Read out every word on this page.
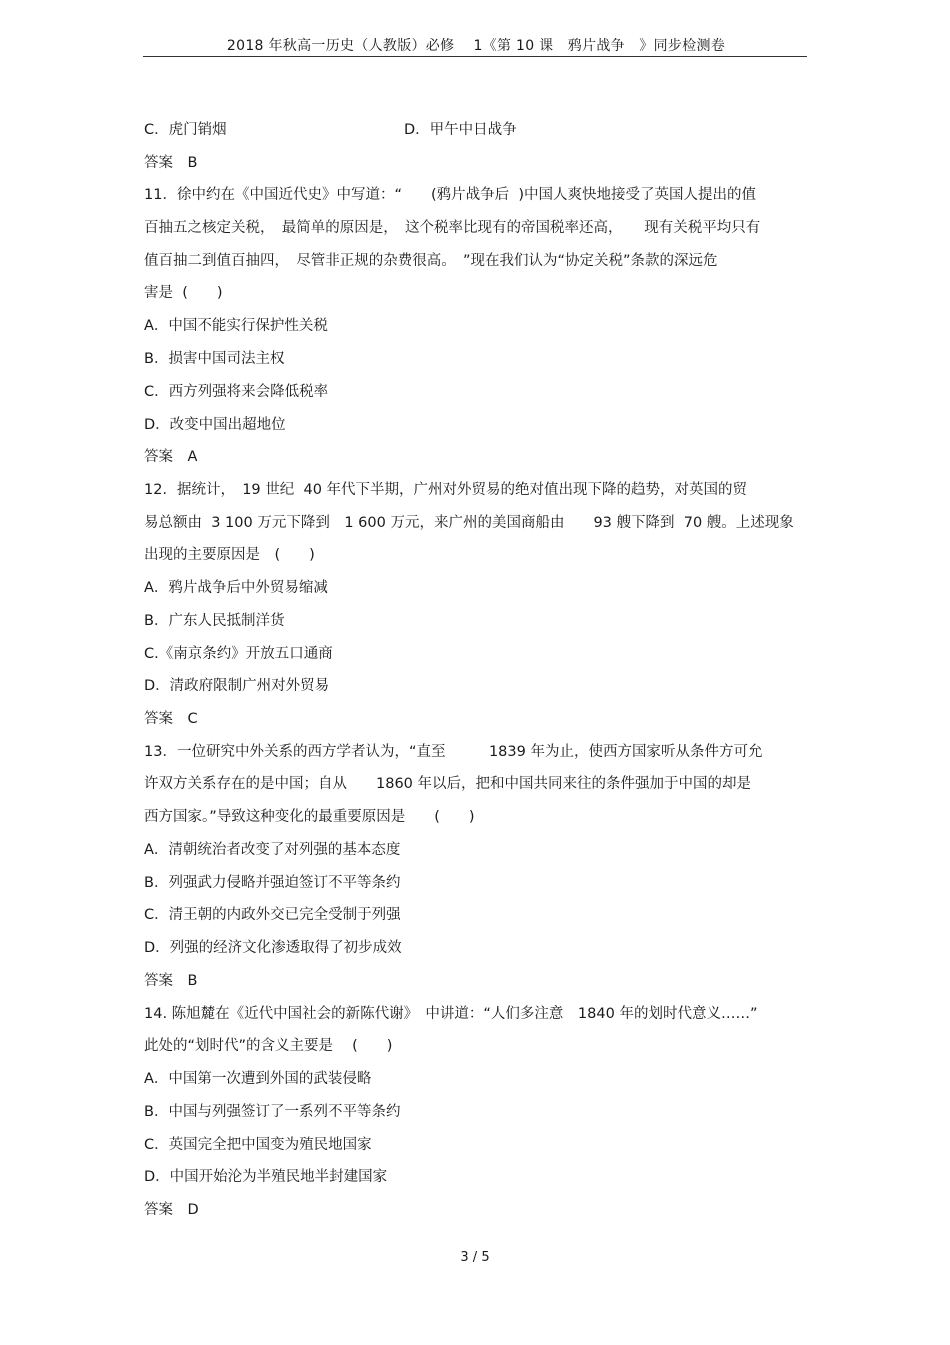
2018 年秋高一历史（人教版）必修　 1《第 10 课　鸦片战争　》同步检测卷
C．虎门销烟	D．甲午中日战争
答案　B
11．徐中约在《中国近代史》中写道：“　　(鸦片战争后  )中国人爽快地接受了英国人提出的值
百抽五之核定关税，　最简单的原因是，　这个税率比现有的帝国税率还高，　　现有关税平均只有
值百抽二到值百抽四，　尽管非正规的杂费很高。　”现在我们认为“协定关税”条款的深远危
害是  (　　)
A．中国不能实行保护性关税
B．损害中国司法主权
C．西方列强将来会降低税率
D．改变中国出超地位
答案　A
12．据统计，　19 世纪  40 年代下半期，广州对外贸易的绝对值出现下降的趋势，对英国的贸
易总额由  3 100 万元下降到　1 600 万元，来广州的美国商船由　　93 艘下降到  70 艘。上述现象
出现的主要原因是　(　　)
A．鸦片战争后中外贸易缩减
B．广东人民抵制洋货
C.《南京条约》开放五口通商
D．清政府限制广州对外贸易
答案　C
13．一位研究中外关系的西方学者认为，“直至　　　1839 年为止，使西方国家听从条件方可允
许双方关系存在的是中国；自从　　1860 年以后，把和中国共同来往的条件强加于中国的却是
西方国家。”导致这种变化的最重要原因是　　(　　)
A．清朝统治者改变了对列强的基本态度
B．列强武力侵略并强迫签订不平等条约
C．清王朝的内政外交已完全受制于列强
D．列强的经济文化渗透取得了初步成效
答案　B
14. 陈旭麓在《近代中国社会的新陈代谢》　中讲道：“人们多注意　1840 年的划时代意义……”
此处的“划时代”的含义主要是　 (　　)
A．中国第一次遭到外国的武装侵略
B．中国与列强签订了一系列不平等条约
C．英国完全把中国变为殖民地国家
D．中国开始沦为半殖民地半封建国家
答案　D
3 / 5
